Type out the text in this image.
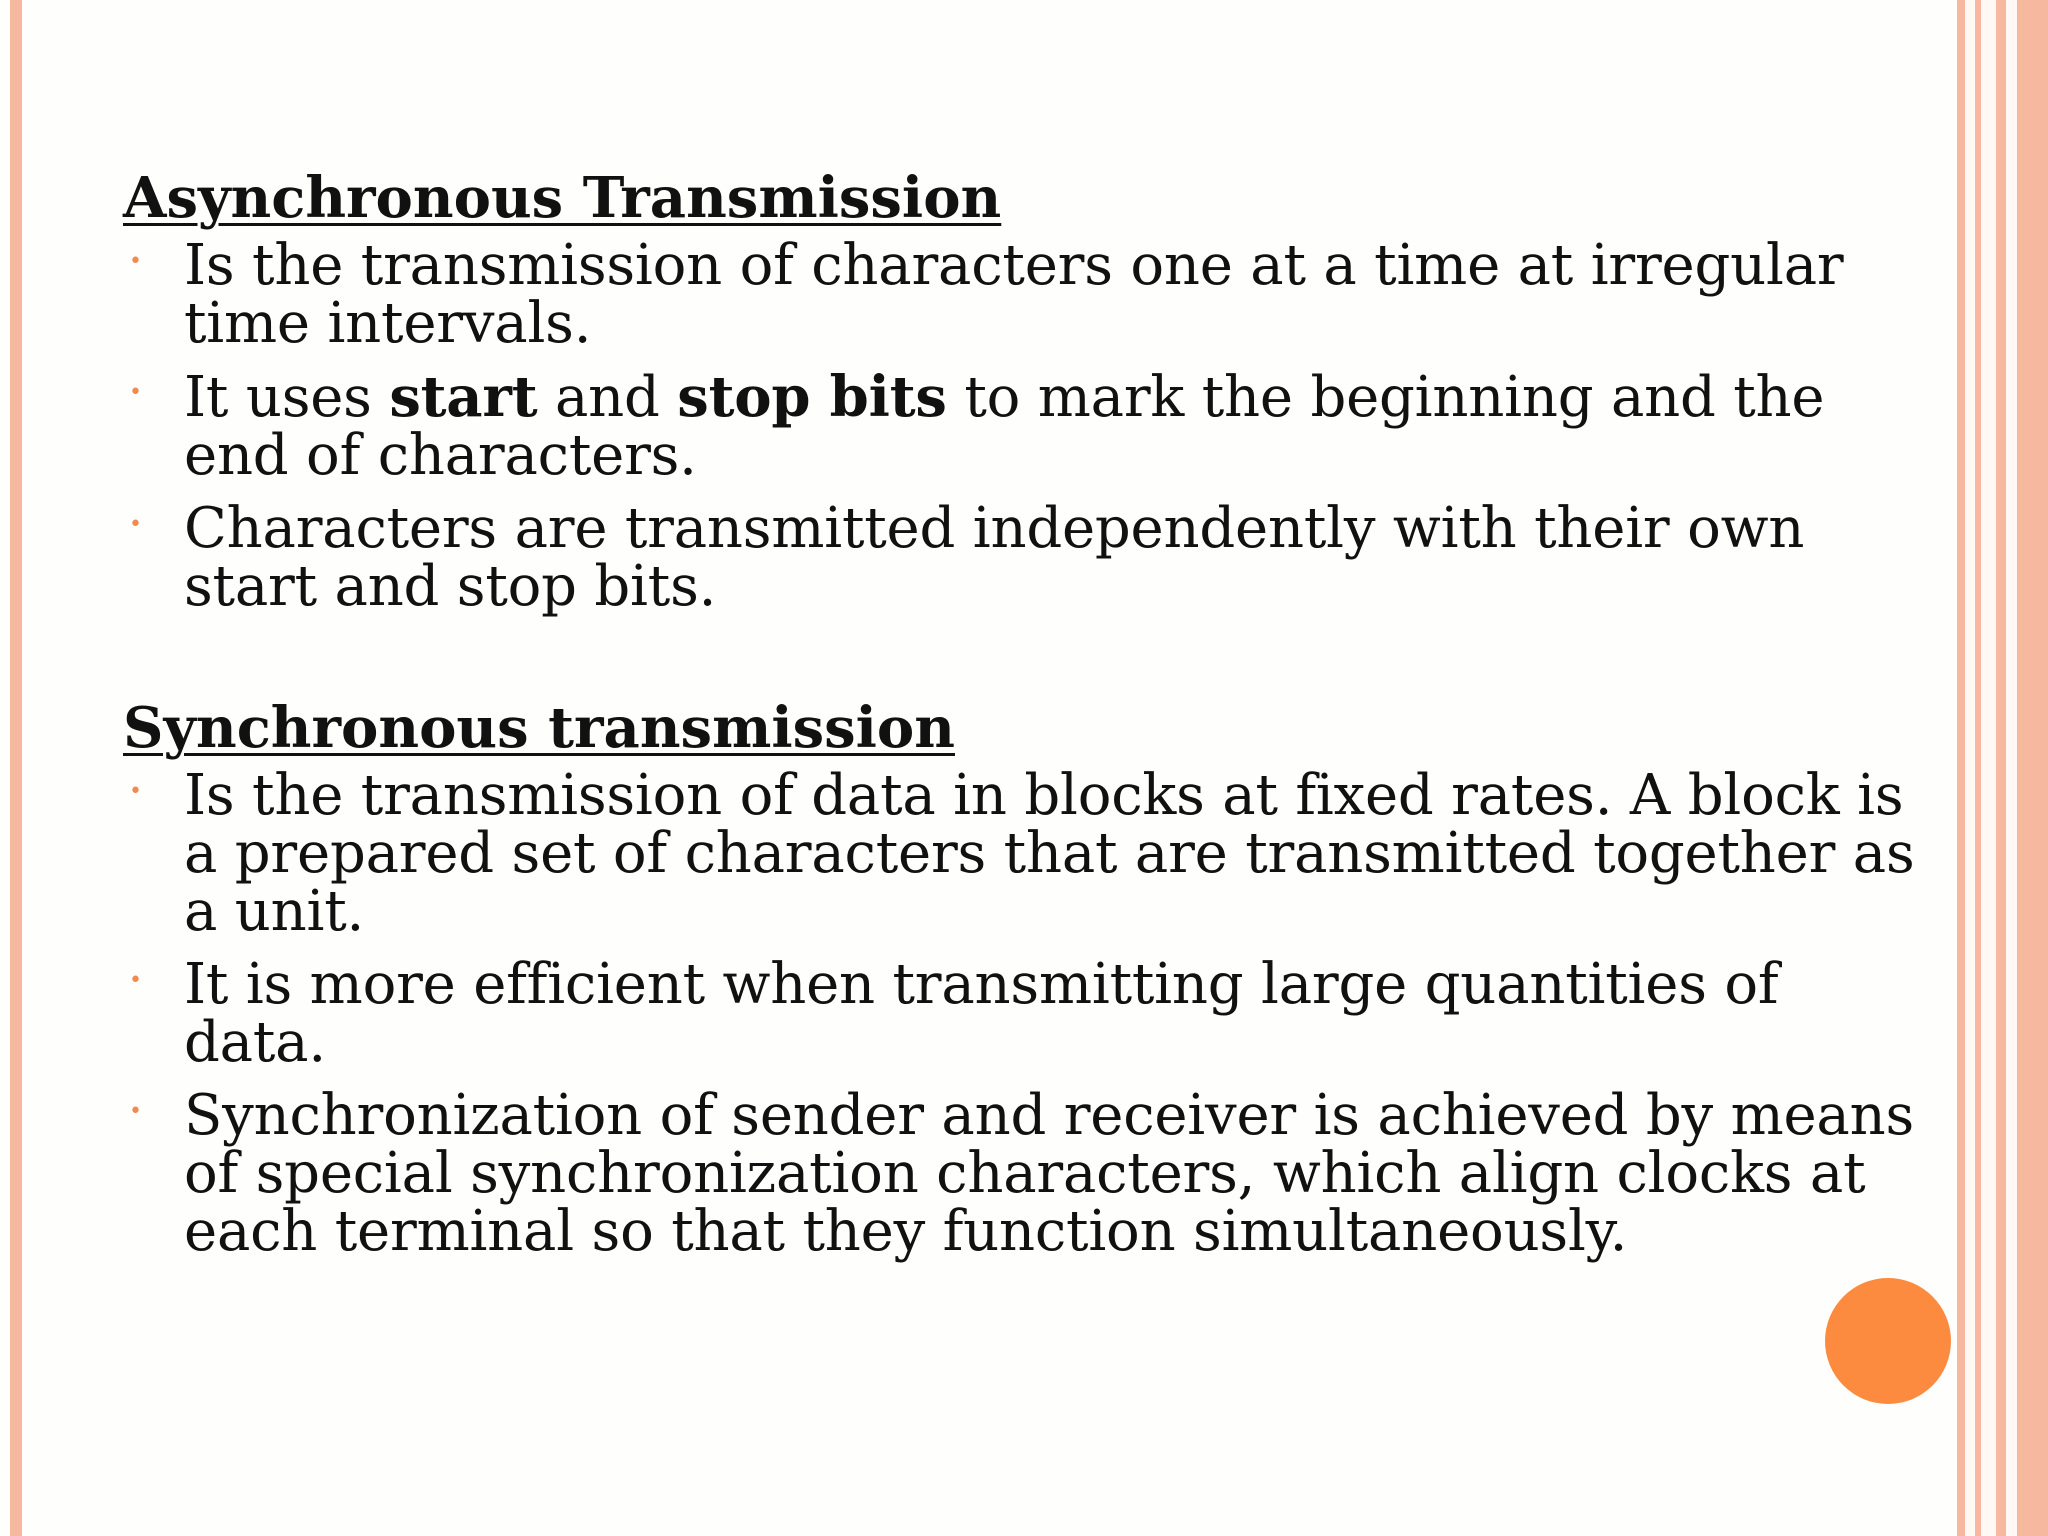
Asynchronous Transmission
• Is the transmission of characters one at a time at irregular time intervals.
• It uses start and stop bits to mark the beginning and the end of characters.
• Characters are transmitted independently with their own start and stop bits.
Synchronous transmission
• Is the transmission of data in blocks at fixed rates. A block is a prepared set of characters that are transmitted together as a unit.
• It is more efficient when transmitting large quantities of data.
• Synchronization of sender and receiver is achieved by means of special synchronization characters, which align clocks at each terminal so that they function simultaneously.
